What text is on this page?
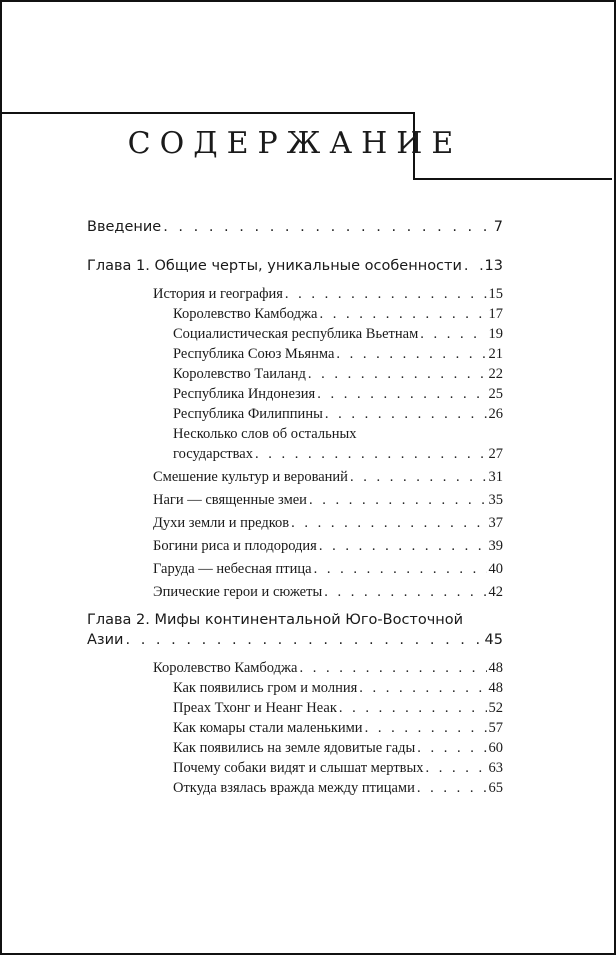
СОДЕРЖАНИЕ
Введение . . .	7
Глава 1. Общие черты, уникальные особенности . . . 13
История и география . . .	15
Королевство Камбоджа . . .	17
Социалистическая республика Вьетнам . . .	19
Республика Союз Мьянма . . .	21
Королевство Таиланд . . .	22
Республика Индонезия . . .	25
Республика Филиппины . . .	26
Несколько слов об остальных
государствах . . .	27
Смешение культур и верований . . .	31
Наги — священные змеи . . .	35
Духи земли и предков . . .	37
Богини риса и плодородия . . .	39
Гаруда — небесная птица . . .	40
Эпические герои и сюжеты . . .	42
Глава 2. Мифы континентальной Юго-Восточной
Азии . . .	45
Королевство Камбоджа . . .	48
Как появились гром и молния . . .	48
Преах Тхонг и Неанг Неак . . .	52
Как комары стали маленькими . . .	57
Как появились на земле ядовитые гады . . .	60
Почему собаки видят и слышат мертвых . . .	63
Откуда взялась вражда между птицами . . .	65
